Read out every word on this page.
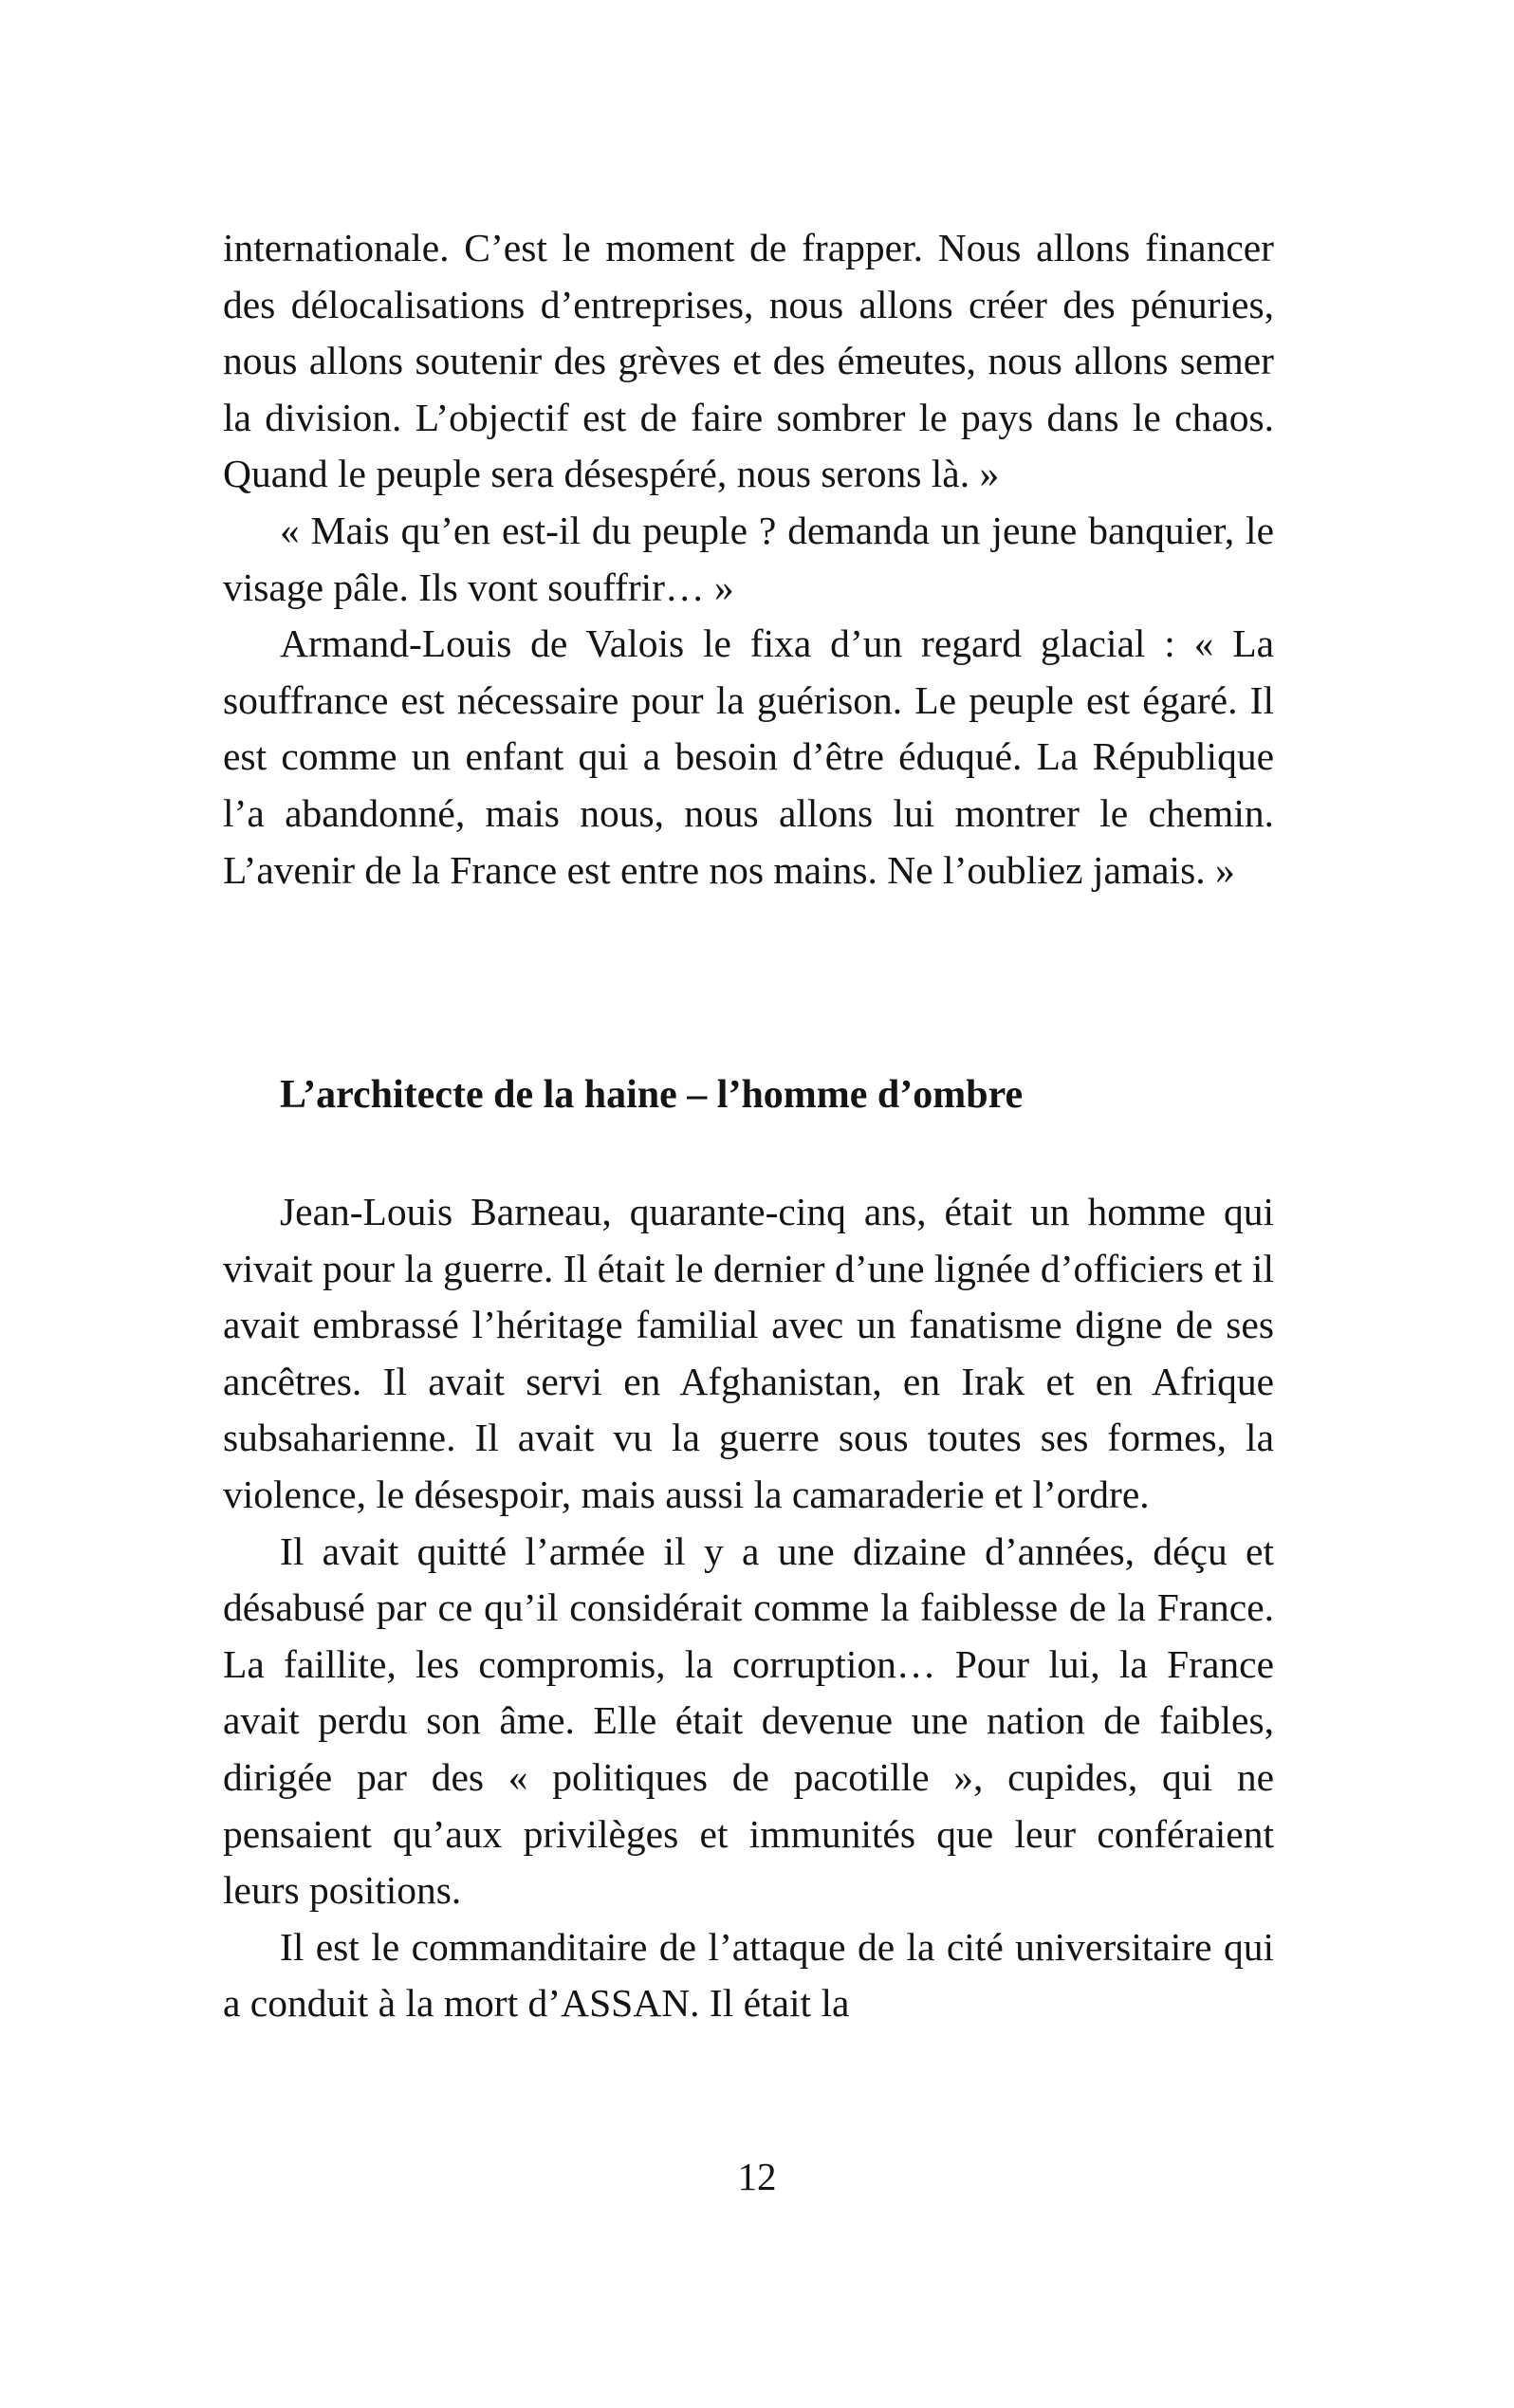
internationale. C’est le moment de frapper. Nous allons financer des délocalisations d’entreprises, nous allons créer des pénuries, nous allons soutenir des grèves et des émeutes, nous allons semer la division. L’objectif est de faire sombrer le pays dans le chaos. Quand le peuple sera désespéré, nous serons là. »

« Mais qu’en est-il du peuple ? demanda un jeune banquier, le visage pâle. Ils vont souffrir… »

Armand-Louis de Valois le fixa d’un regard glacial : « La souffrance est nécessaire pour la guérison. Le peuple est égaré. Il est comme un enfant qui a besoin d’être éduqué. La République l’a abandonné, mais nous, nous allons lui montrer le chemin. L’avenir de la France est entre nos mains. Ne l’oubliez jamais. »

L’architecte de la haine – l’homme d’ombre

Jean-Louis Barneau, quarante-cinq ans, était un homme qui vivait pour la guerre. Il était le dernier d’une lignée d’officiers et il avait embrassé l’héritage familial avec un fanatisme digne de ses ancêtres. Il avait servi en Afghanistan, en Irak et en Afrique subsaharienne. Il avait vu la guerre sous toutes ses formes, la violence, le désespoir, mais aussi la camaraderie et l’ordre.

Il avait quitté l’armée il y a une dizaine d’années, déçu et désabusé par ce qu’il considérait comme la faiblesse de la France. La faillite, les compromis, la corruption… Pour lui, la France avait perdu son âme. Elle était devenue une nation de faibles, dirigée par des « politiques de pacotille », cupides, qui ne pensaient qu’aux privilèges et immunités que leur conféraient leurs positions.

Il est le commanditaire de l’attaque de la cité universitaire qui a conduit à la mort d’ASSAN. Il était la

12
